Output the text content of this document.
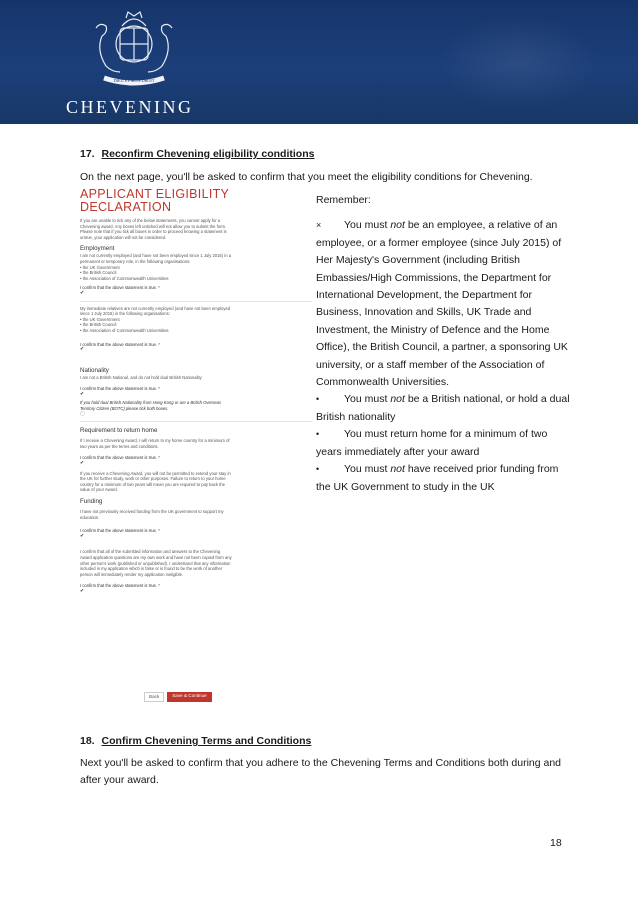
DIEU ET MON DROIT
CHEVENING
17. Reconfirm Chevening eligibility conditions
On the next page, you'll be asked to confirm that you meet the eligibility conditions for Chevening.
APPLICANT ELIGIBILITY
DECLARATION
If you are unable to tick any of the below statements, you cannot apply for a
Chevening award. Any boxes left unticked will not allow you to submit the form.
Please note that if you tick all boxes in order to proceed knowing a statement is
untrue, your application will not be considered.
Employment
I am not currently employed (and have not been employed since 1 July 2015) in a
permanent or temporary role, in the following organisations:
• the UK Government
• the British Council
• the Association of Commonwealth Universities
I confirm that the above statement is true. *
✔
My immediate relatives are not currently employed (and have not been employed
since 1 July 2015) in the following organisations:
• the UK Government
• the British Council
• the Association of Commonwealth Universities
I confirm that the above statement is true. *
✔
Nationality
I am not a British National, and do not hold dual British Nationality
I confirm that the above statement is true. *
✔
If you hold dual British Nationality from Hong Kong or are a British Overseas
Territory Citizen (BOTC) please tick both boxes.
▢
Requirement to return home
If I receive a Chevening Award, I will return to my home country for a minimum of
two years as per the terms and conditions.
I confirm that the above statement is true. *
✔
If you receive a Chevening Award, you will not be permitted to extend your stay in
the UK for further study, work or other purposes. Failure to return to your home
country for a minimum of two years will mean you are required to pay back the
value of your Award.
Funding
I have not previously received funding from the UK government to support my
education.
I confirm that the above statement is true. *
✔
I confirm that all of the submitted information and answers to the Chevening
Award application questions are my own work and have not been copied from any
other person's work (published or unpublished). I understand that any information
included in my application which is false or is found to be the work of another
person will immediately render my application ineligible.
I confirm that the above statement is true. *
✔
Back	Save & Continue
Remember:
× You must not be an employee, a relative of an employee, or a former employee (since July 2015) of Her Majesty's Government (including British Embassies/High Commissions, the Department for International Development, the Department for Business, Innovation and Skills, UK Trade and Investment, the Ministry of Defence and the Home Office), the British Council, a partner, a sponsoring UK university, or a staff member of the Association of Commonwealth Universities.
• You must not be a British national, or hold a dual British nationality
• You must return home for a minimum of two years immediately after your award
• You must not have received prior funding from the UK Government to study in the UK
18. Confirm Chevening Terms and Conditions
Next you'll be asked to confirm that you adhere to the Chevening Terms and Conditions both during and after your award.
18
